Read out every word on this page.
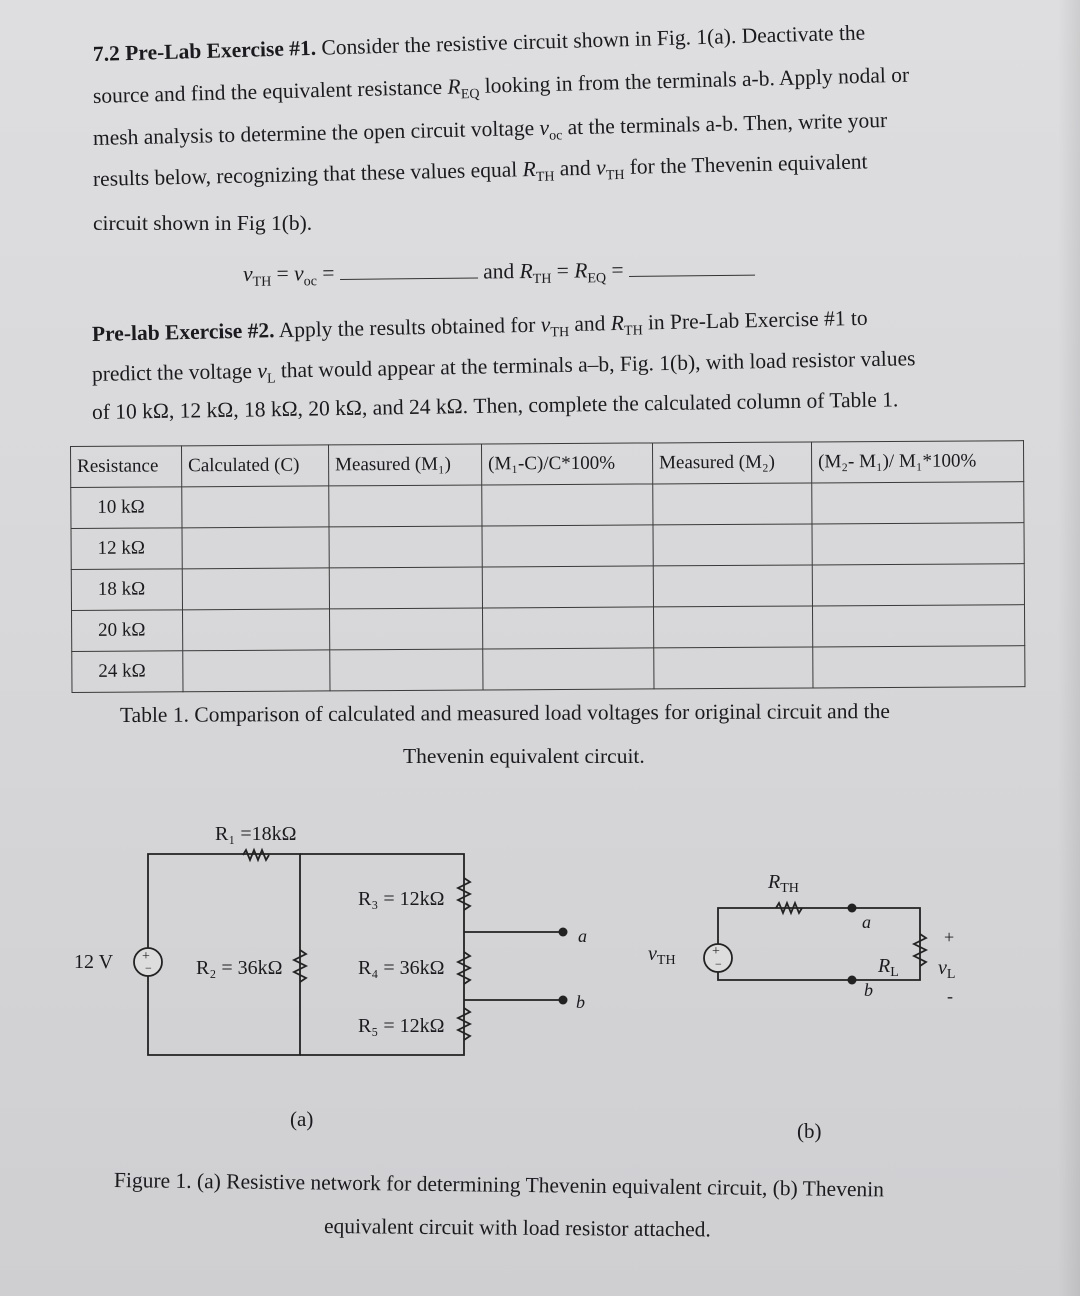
7.2 Pre-Lab Exercise #1. Consider the resistive circuit shown in Fig. 1(a). Deactivate the

source and find the equivalent resistance $R_{EQ}$ looking in from the terminals a-b. Apply nodal or

mesh analysis to determine the open circuit voltage $v_{oc}$ at the terminals a-b. Then, write your

results below, recognizing that these values equal $R_{TH}$ and $v_{TH}$ for the Thevenin equivalent

circuit shown in Fig 1(b).

$v_{TH} = v_{oc}$ =	and $R_{TH} = R_{EQ}$ =

Pre-lab Exercise #2. Apply the results obtained for $v_{TH}$ and $R_{TH}$ in Pre-Lab Exercise #1 to

predict the voltage $v_L$ that would appear at the terminals a–b, Fig. 1(b), with load resistor values

of 10 kΩ, 12 kΩ, 18 kΩ, 20 kΩ, and 24 kΩ. Then, complete the calculated column of Table 1.

Resistance	Calculated (C)	Measured (M₁)	(M₁-C)/C*100%	Measured (M₂)	(M₂- M₁)/ M₁*100%
10 kΩ					
12 kΩ					
18 kΩ					
20 kΩ					
24 kΩ					

Table 1. Comparison of calculated and measured load voltages for original circuit and the

Thevenin equivalent circuit.

+
−
R₁ =18kΩ
R₃ = 12kΩ
R₂ = 36kΩ	R₄ = 36kΩ
R₅ = 12kΩ
12 V
a
b
(a)
+
−
$R_{TH}$
$v_{TH}$	$R_L$ $v_L$
a
b
+
-
(b)

Figure 1. (a) Resistive network for determining Thevenin equivalent circuit, (b) Thevenin

equivalent circuit with load resistor attached.
